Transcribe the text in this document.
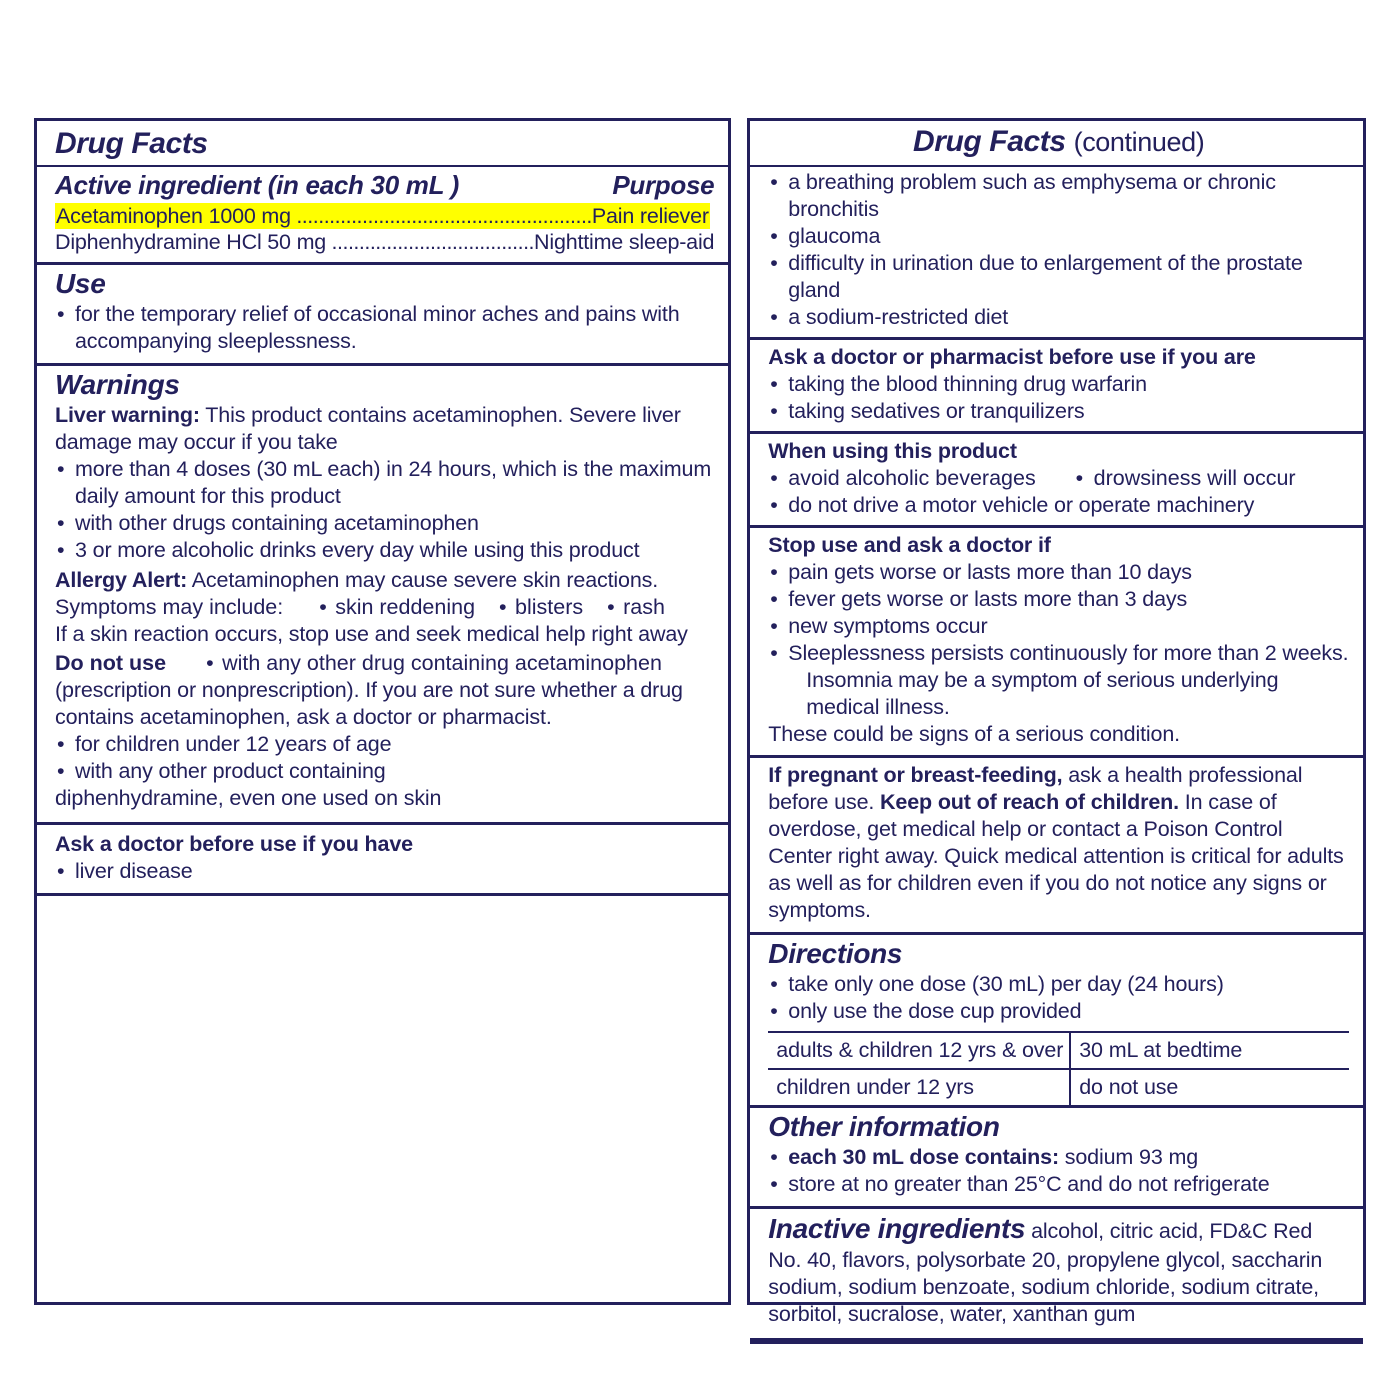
Drug Facts
Active ingredient (in each 30 mL )	Purpose
Acetaminophen 1000 mg ......................................................Pain reliever
Diphenhydramine HCl 50 mg .....................................Nighttime sleep-aid
Use
• for the temporary relief of occasional minor aches and pains with accompanying sleeplessness.
Warnings

Liver warning: This product contains acetaminophen. Severe liver damage may occur if you take

• more than 4 doses (30 mL each) in 24 hours, which is the maximum daily amount for this product
• with other drugs containing acetaminophen
• 3 or more alcoholic drinks every day while using this product

Allergy Alert: Acetaminophen may cause severe skin reactions.

Symptoms may include: • skin reddening • blisters • rash

If a skin reaction occurs, stop use and seek medical help right away

Do not use • with any other drug containing acetaminophen

(prescription or nonprescription). If you are not sure whether a drug contains acetaminophen, ask a doctor or pharmacist.

• for children under 12 years of age
• with any other product containing
diphenhydramine, even one used on skin
Ask a doctor before use if you have
• liver disease
Drug Facts (continued)
• a breathing problem such as emphysema or chronic bronchitis
• glaucoma
• difficulty in urination due to enlargement of the prostate gland
• a sodium-restricted diet
Ask a doctor or pharmacist before use if you are
• taking the blood thinning drug warfarin
• taking sedatives or tranquilizers
When using this product
• avoid alcoholic beverages • drowsiness will occur
• do not drive a motor vehicle or operate machinery
Stop use and ask a doctor if
• pain gets worse or lasts more than 10 days
• fever gets worse or lasts more than 3 days
• new symptoms occur
• Sleeplessness persists continuously for more than 2 weeks.
Insomnia may be a symptom of serious underlying medical illness.

These could be signs of a serious condition.

If pregnant or breast-feeding, ask a health professional before use. Keep out of reach of children. In case of overdose, get medical help or contact a Poison Control Center right away. Quick medical attention is critical for adults as well as for children even if you do not notice any signs or symptoms.

Directions
• take only one dose (30 mL) per day (24 hours)
• only use the dose cup provided
adults & children 12 yrs & over	30 mL at bedtime
children under 12 yrs	do not use
Other information
• each 30 mL dose contains: sodium 93 mg
• store at no greater than 25°C and do not refrigerate

Inactive ingredients alcohol, citric acid, FD&C Red No. 40, flavors, polysorbate 20, propylene glycol, saccharin sodium, sodium benzoate, sodium chloride, sodium citrate, sorbitol, sucralose, water, xanthan gum
